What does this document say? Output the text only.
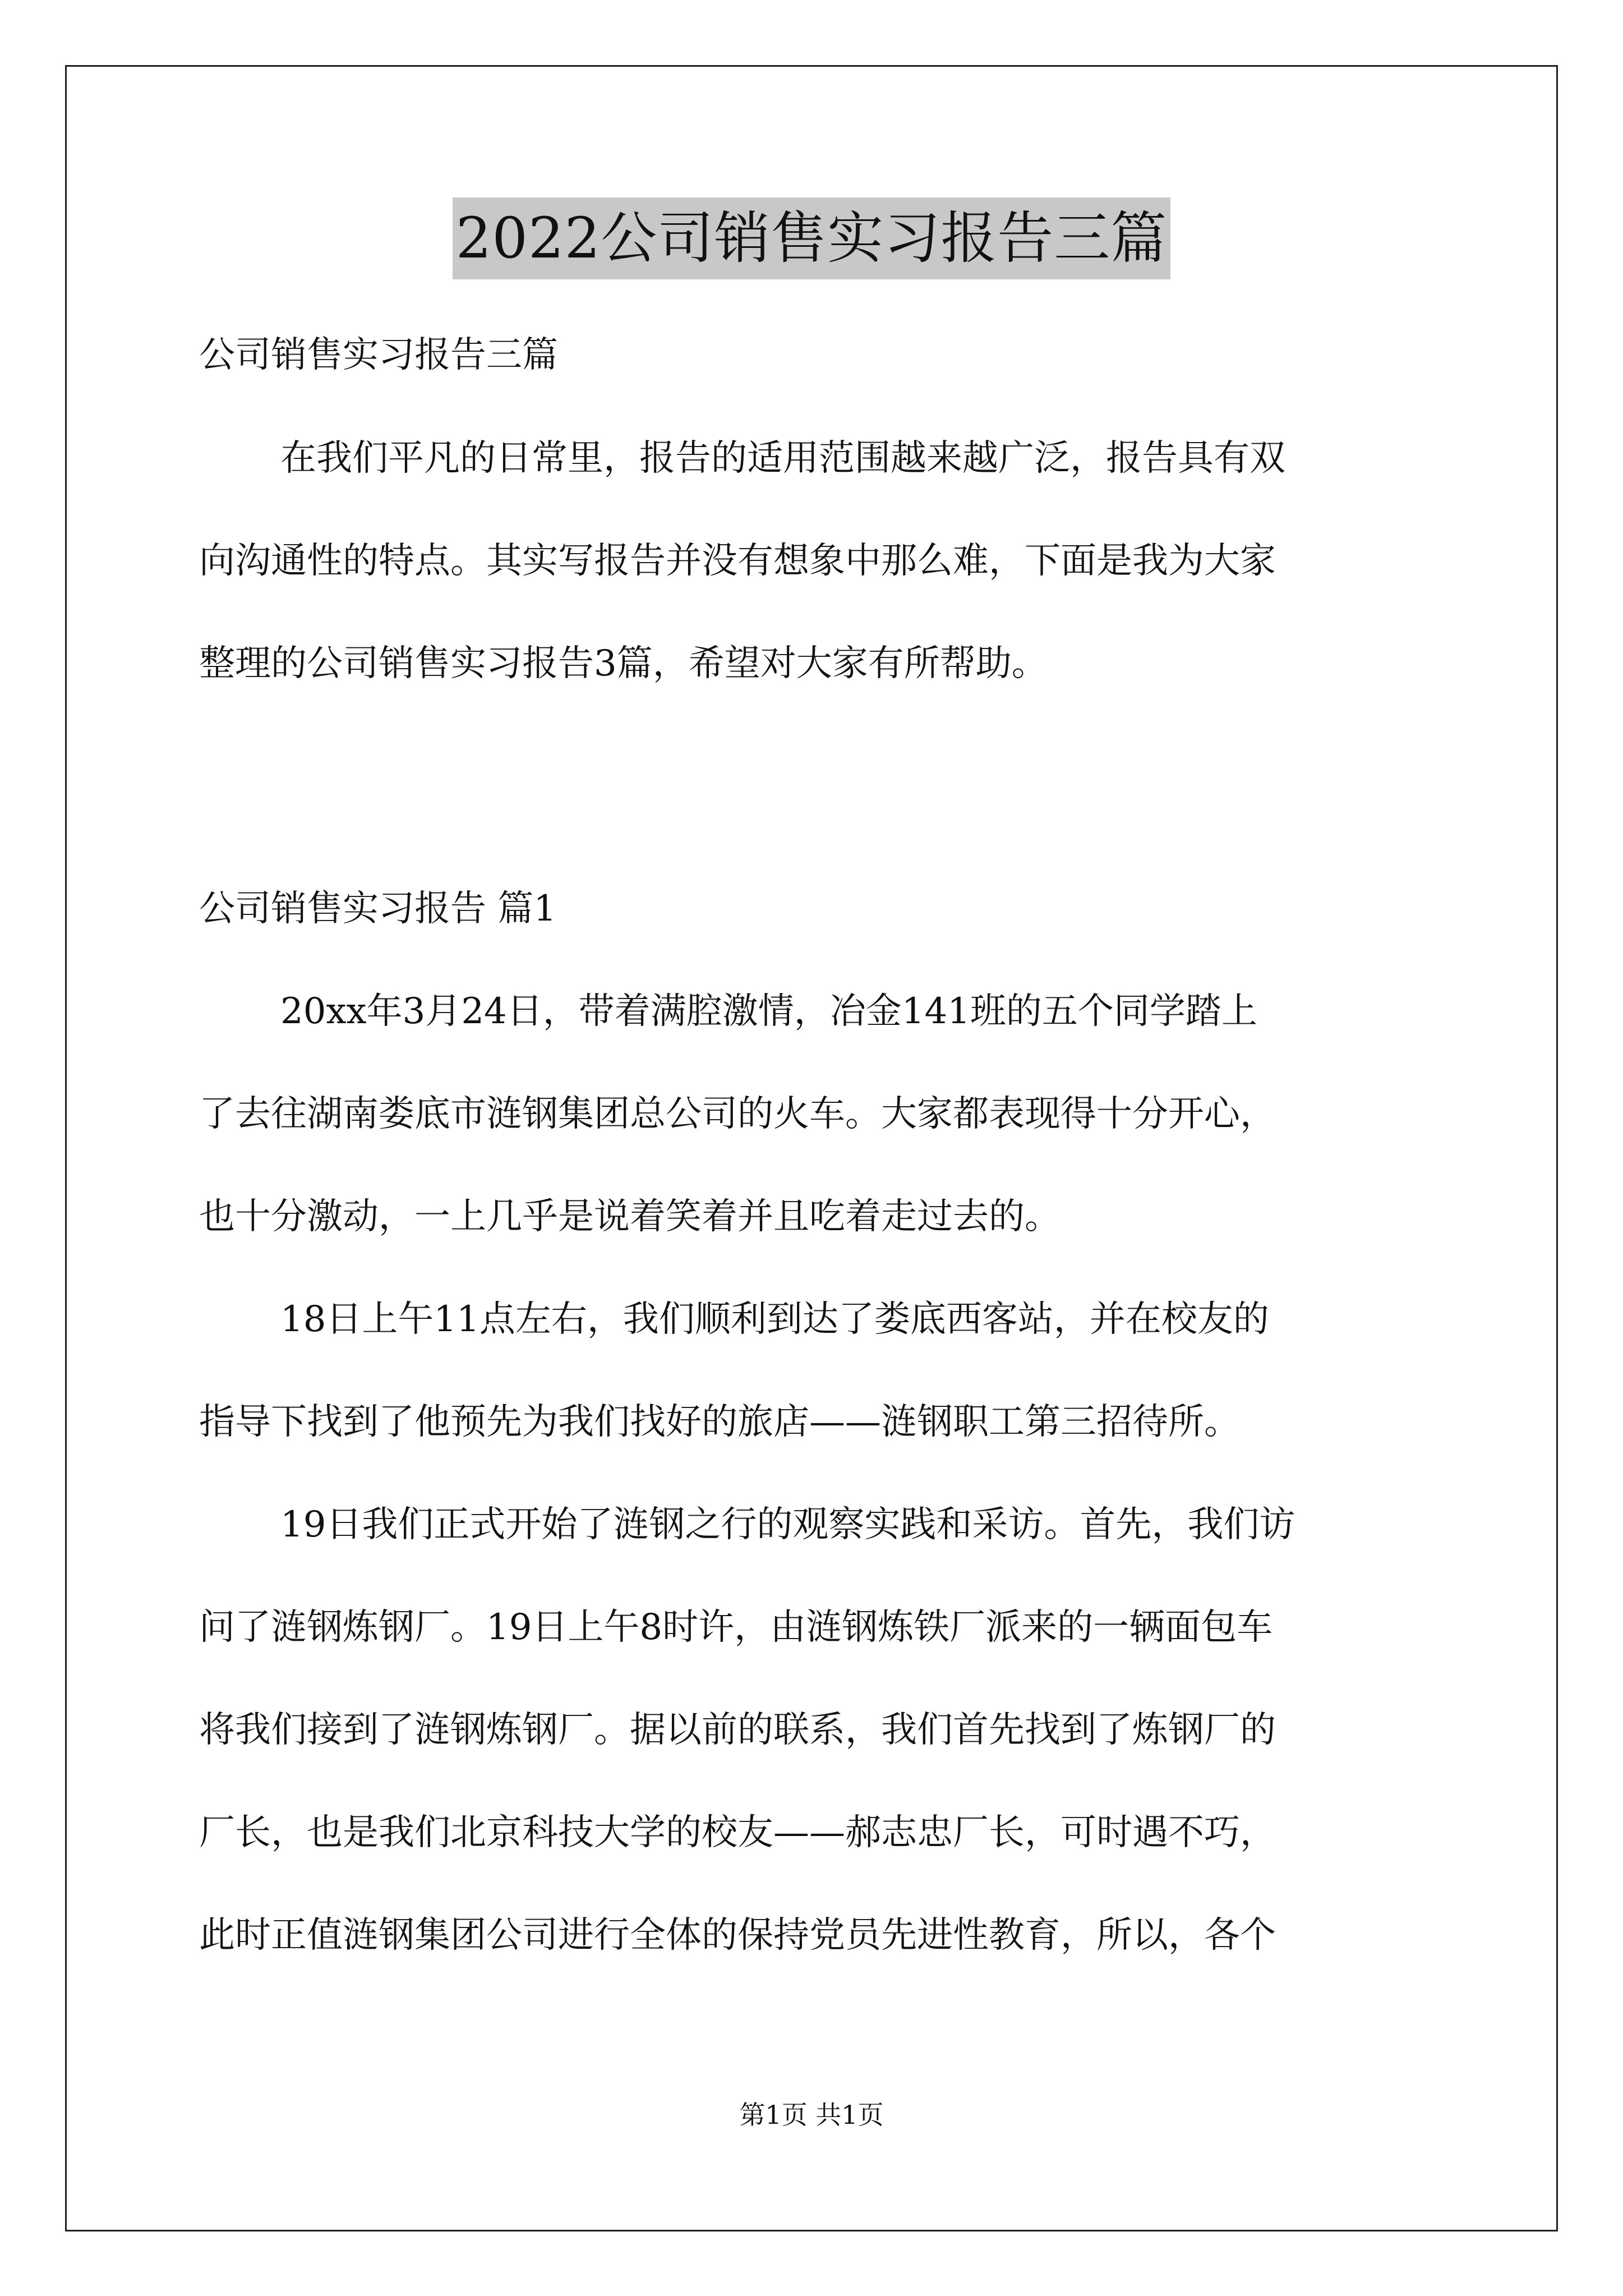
2022公司销售实习报告三篇
公司销售实习报告三篇
在我们平凡的日常里，报告的适用范围越来越广泛，报告具有双
向沟通性的特点。其实写报告并没有想象中那么难，下面是我为大家
整理的公司销售实习报告3篇，希望对大家有所帮助。
公司销售实习报告 篇1
20xx年3月24日，带着满腔激情，冶金141班的五个同学踏上
了去往湖南娄底市涟钢集团总公司的火车。大家都表现得十分开心，
也十分激动，一上几乎是说着笑着并且吃着走过去的。
18日上午11点左右，我们顺利到达了娄底西客站，并在校友的
指导下找到了他预先为我们找好的旅店——涟钢职工第三招待所。
19日我们正式开始了涟钢之行的观察实践和采访。首先，我们访
问了涟钢炼钢厂。19日上午8时许，由涟钢炼铁厂派来的一辆面包车
将我们接到了涟钢炼钢厂。据以前的联系，我们首先找到了炼钢厂的
厂长，也是我们北京科技大学的校友——郝志忠厂长，可时遇不巧，
此时正值涟钢集团公司进行全体的保持党员先进性教育，所以，各个
第1页 共1页
